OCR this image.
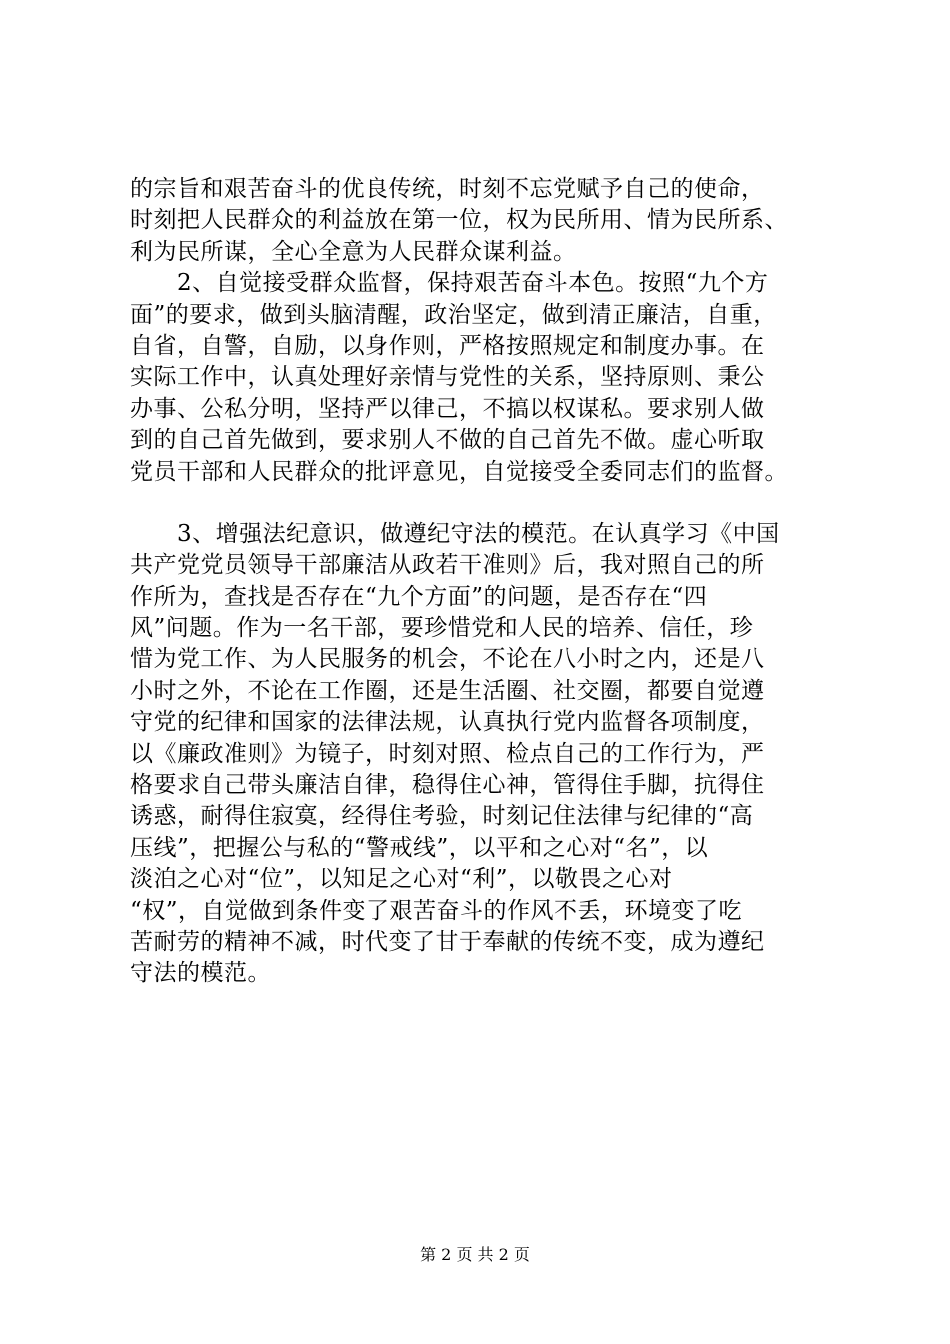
的宗旨和艰苦奋斗的优良传统，时刻不忘党赋予自己的使命，
时刻把人民群众的利益放在第一位，权为民所用、情为民所系、
利为民所谋，全心全意为人民群众谋利益。
　　2、自觉接受群众监督，保持艰苦奋斗本色。按照“九个方
面”的要求，做到头脑清醒，政治坚定，做到清正廉洁，自重，
自省，自警，自励，以身作则，严格按照规定和制度办事。在
实际工作中，认真处理好亲情与党性的关系，坚持原则、秉公
办事、公私分明，坚持严以律己，不搞以权谋私。要求别人做
到的自己首先做到，要求别人不做的自己首先不做。虚心听取
党员干部和人民群众的批评意见，自觉接受全委同志们的监督。
　　3、增强法纪意识，做遵纪守法的模范。在认真学习《中国
共产党党员领导干部廉洁从政若干准则》后，我对照自己的所
作所为，查找是否存在“九个方面”的问题，是否存在“四
风”问题。作为一名干部，要珍惜党和人民的培养、信任，珍
惜为党工作、为人民服务的机会，不论在八小时之内，还是八
小时之外，不论在工作圈，还是生活圈、社交圈，都要自觉遵
守党的纪律和国家的法律法规，认真执行党内监督各项制度，
以《廉政准则》为镜子，时刻对照、检点自己的工作行为，严
格要求自己带头廉洁自律，稳得住心神，管得住手脚，抗得住
诱惑，耐得住寂寞，经得住考验，时刻记住法律与纪律的“高
压线”，把握公与私的“警戒线”，以平和之心对“名”，以
淡泊之心对“位”，以知足之心对“利”，以敬畏之心对
“权”，自觉做到条件变了艰苦奋斗的作风不丢，环境变了吃
苦耐劳的精神不减，时代变了甘于奉献的传统不变，成为遵纪
守法的模范。
第 2 页 共 2 页
